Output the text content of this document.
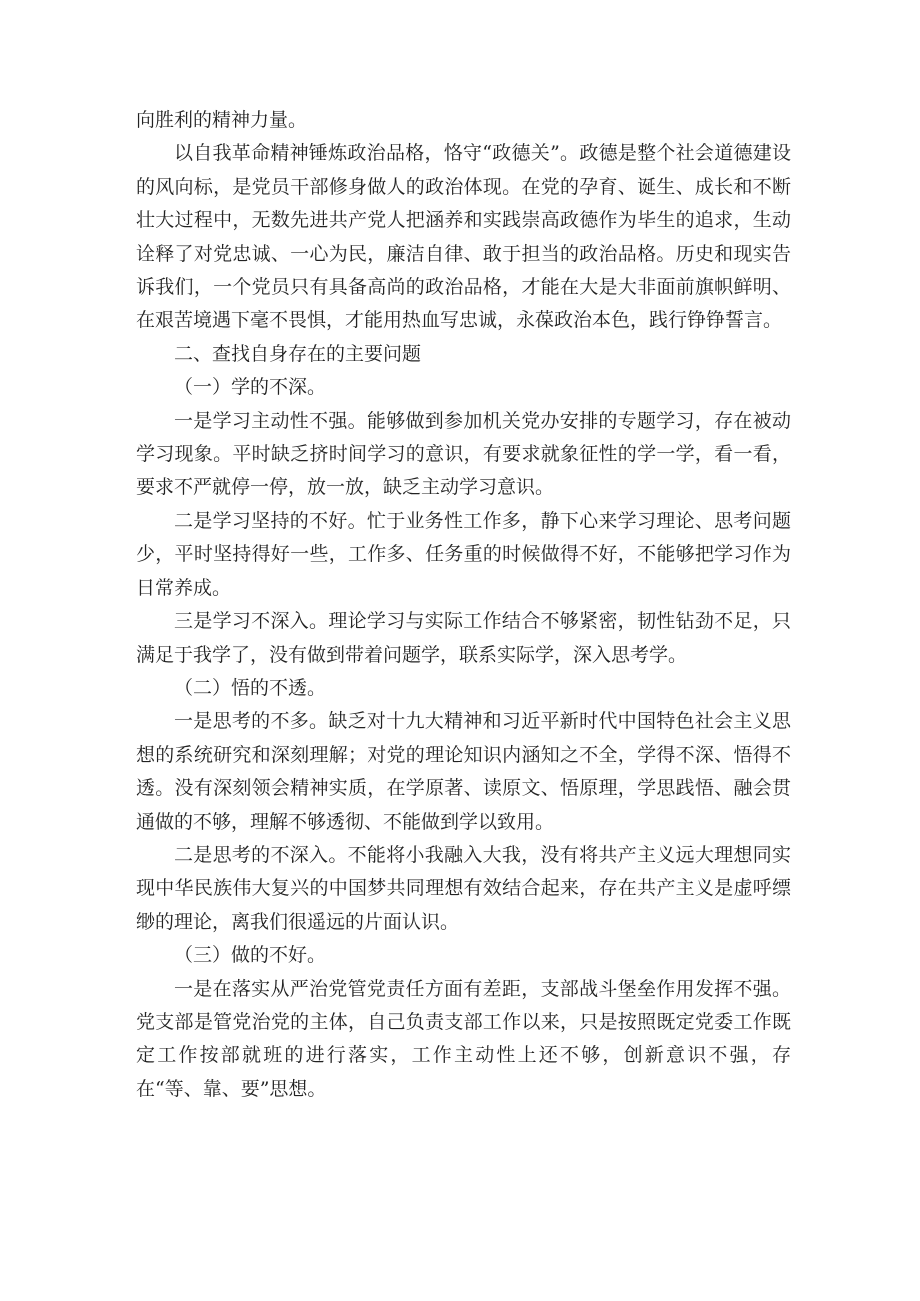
向胜利的精神力量。

以自我革命精神锤炼政治品格，恪守“政德关”。政德是整个社会道德建设的风向标，是党员干部修身做人的政治体现。在党的孕育、诞生、成长和不断壮大过程中，无数先进共产党人把涵养和实践崇高政德作为毕生的追求，生动诠释了对党忠诚、一心为民，廉洁自律、敢于担当的政治品格。历史和现实告诉我们，一个党员只有具备高尚的政治品格，才能在大是大非面前旗帜鲜明、在艰苦境遇下毫不畏惧，才能用热血写忠诚，永葆政治本色，践行铮铮誓言。

二、查找自身存在的主要问题

（一）学的不深。

一是学习主动性不强。能够做到参加机关党办安排的专题学习，存在被动学习现象。平时缺乏挤时间学习的意识，有要求就象征性的学一学，看一看，要求不严就停一停，放一放，缺乏主动学习意识。

二是学习坚持的不好。忙于业务性工作多，静下心来学习理论、思考问题少，平时坚持得好一些，工作多、任务重的时候做得不好，不能够把学习作为日常养成。

三是学习不深入。理论学习与实际工作结合不够紧密，韧性钻劲不足，只满足于我学了，没有做到带着问题学，联系实际学，深入思考学。

（二）悟的不透。

一是思考的不多。缺乏对十九大精神和习近平新时代中国特色社会主义思想的系统研究和深刻理解；对党的理论知识内涵知之不全，学得不深、悟得不透。没有深刻领会精神实质，在学原著、读原文、悟原理，学思践悟、融会贯通做的不够，理解不够透彻、不能做到学以致用。

二是思考的不深入。不能将小我融入大我，没有将共产主义远大理想同实现中华民族伟大复兴的中国梦共同理想有效结合起来，存在共产主义是虚呼缥缈的理论，离我们很遥远的片面认识。

（三）做的不好。

一是在落实从严治党管党责任方面有差距，支部战斗堡垒作用发挥不强。党支部是管党治党的主体，自己负责支部工作以来，只是按照既定党委工作既定工作按部就班的进行落实，工作主动性上还不够，创新意识不强，存在“等、靠、要”思想。
